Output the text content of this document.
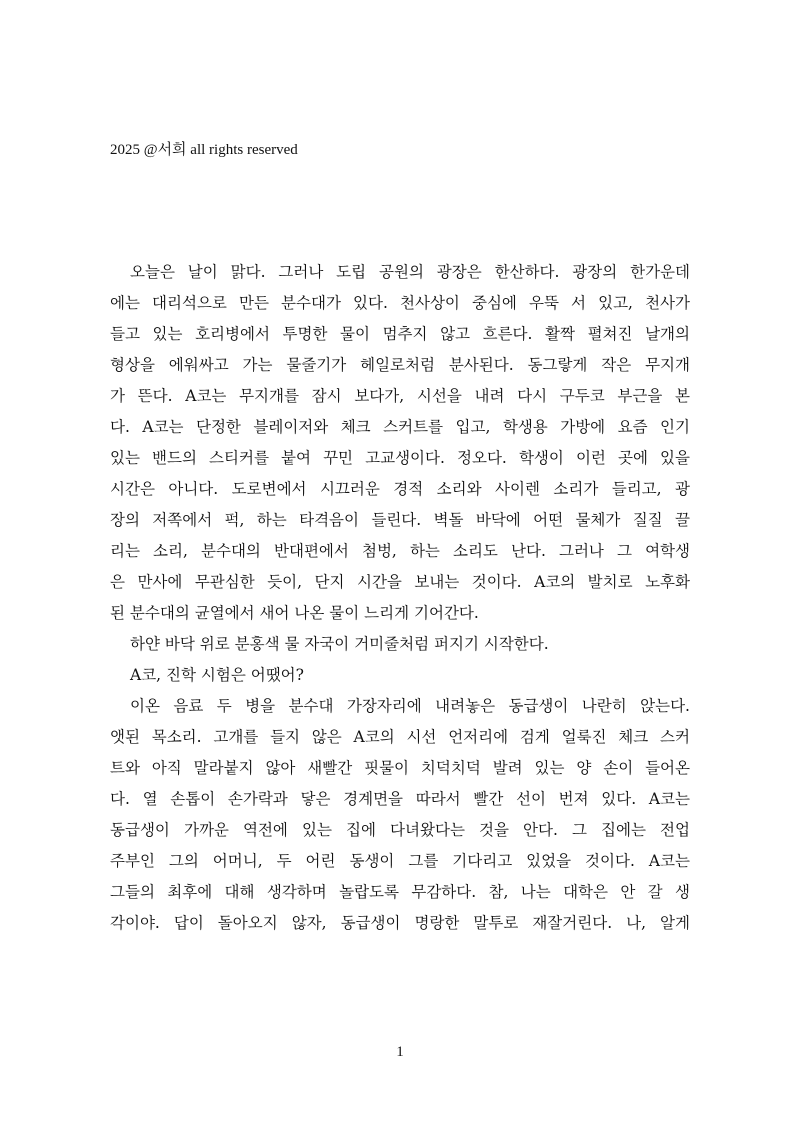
2025 @서희 all rights reserved
오늘은 날이 맑다. 그러나 도립 공원의 광장은 한산하다. 광장의 한가운데
에는 대리석으로 만든 분수대가 있다. 천사상이 중심에 우뚝 서 있고, 천사가
들고 있는 호리병에서 투명한 물이 멈추지 않고 흐른다. 활짝 펼쳐진 날개의
형상을 에워싸고 가는 물줄기가 헤일로처럼 분사된다. 동그랗게 작은 무지개
가 뜬다. A코는 무지개를 잠시 보다가, 시선을 내려 다시 구두코 부근을 본
다. A코는 단정한 블레이저와 체크 스커트를 입고, 학생용 가방에 요즘 인기
있는 밴드의 스티커를 붙여 꾸민 고교생이다. 정오다. 학생이 이런 곳에 있을
시간은 아니다. 도로변에서 시끄러운 경적 소리와 사이렌 소리가 들리고, 광
장의 저쪽에서 퍽, 하는 타격음이 들린다. 벽돌 바닥에 어떤 물체가 질질 끌
리는 소리, 분수대의 반대편에서 첨벙, 하는 소리도 난다. 그러나 그 여학생
은 만사에 무관심한 듯이, 단지 시간을 보내는 것이다. A코의 발치로 노후화
된 분수대의 균열에서 새어 나온 물이 느리게 기어간다.
하얀 바닥 위로 분홍색 물 자국이 거미줄처럼 퍼지기 시작한다.
A코, 진학 시험은 어땠어?
이온 음료 두 병을 분수대 가장자리에 내려놓은 동급생이 나란히 앉는다.
앳된 목소리. 고개를 들지 않은 A코의 시선 언저리에 검게 얼룩진 체크 스커
트와 아직 말라붙지 않아 새빨간 핏물이 치덕치덕 발려 있는 양 손이 들어온
다. 열 손톱이 손가락과 닿은 경계면을 따라서 빨간 선이 번져 있다. A코는
동급생이 가까운 역전에 있는 집에 다녀왔다는 것을 안다. 그 집에는 전업
주부인 그의 어머니, 두 어린 동생이 그를 기다리고 있었을 것이다. A코는
그들의 최후에 대해 생각하며 놀랍도록 무감하다. 참, 나는 대학은 안 갈 생
각이야. 답이 돌아오지 않자, 동급생이 명랑한 말투로 재잘거린다. 나, 알게
1
